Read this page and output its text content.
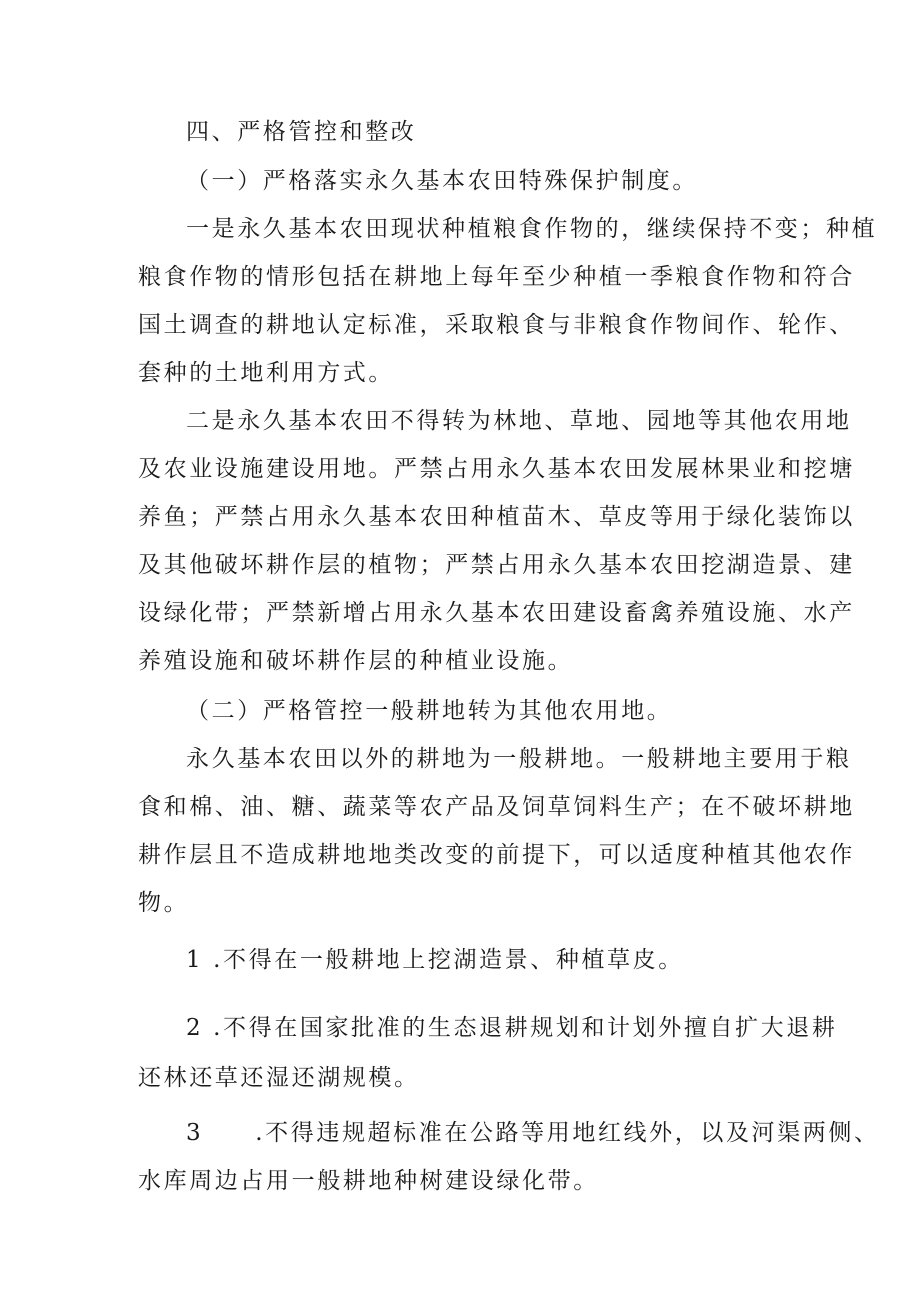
四、严格管控和整改
（一）严格落实永久基本农田特殊保护制度。
一是永久基本农田现状种植粮食作物的，继续保持不变；种植
粮食作物的情形包括在耕地上每年至少种植一季粮食作物和符合
国土调查的耕地认定标准，采取粮食与非粮食作物间作、轮作、
套种的土地利用方式。
二是永久基本农田不得转为林地、草地、园地等其他农用地
及农业设施建设用地。严禁占用永久基本农田发展林果业和挖塘
养鱼；严禁占用永久基本农田种植苗木、草皮等用于绿化装饰以
及其他破坏耕作层的植物；严禁占用永久基本农田挖湖造景、建
设绿化带；严禁新增占用永久基本农田建设畜禽养殖设施、水产
养殖设施和破坏耕作层的种植业设施。
（二）严格管控一般耕地转为其他农用地。
永久基本农田以外的耕地为一般耕地。一般耕地主要用于粮
食和棉、油、糖、蔬菜等农产品及饲草饲料生产；在不破坏耕地
耕作层且不造成耕地地类改变的前提下，可以适度种植其他农作
物。
1 .不得在一般耕地上挖湖造景、种植草皮。
2 .不得在国家批准的生态退耕规划和计划外擅自扩大退耕
还林还草还湿还湖规模。
3 .不得违规超标准在公路等用地红线外，以及河渠两侧、
水库周边占用一般耕地种树建设绿化带。
